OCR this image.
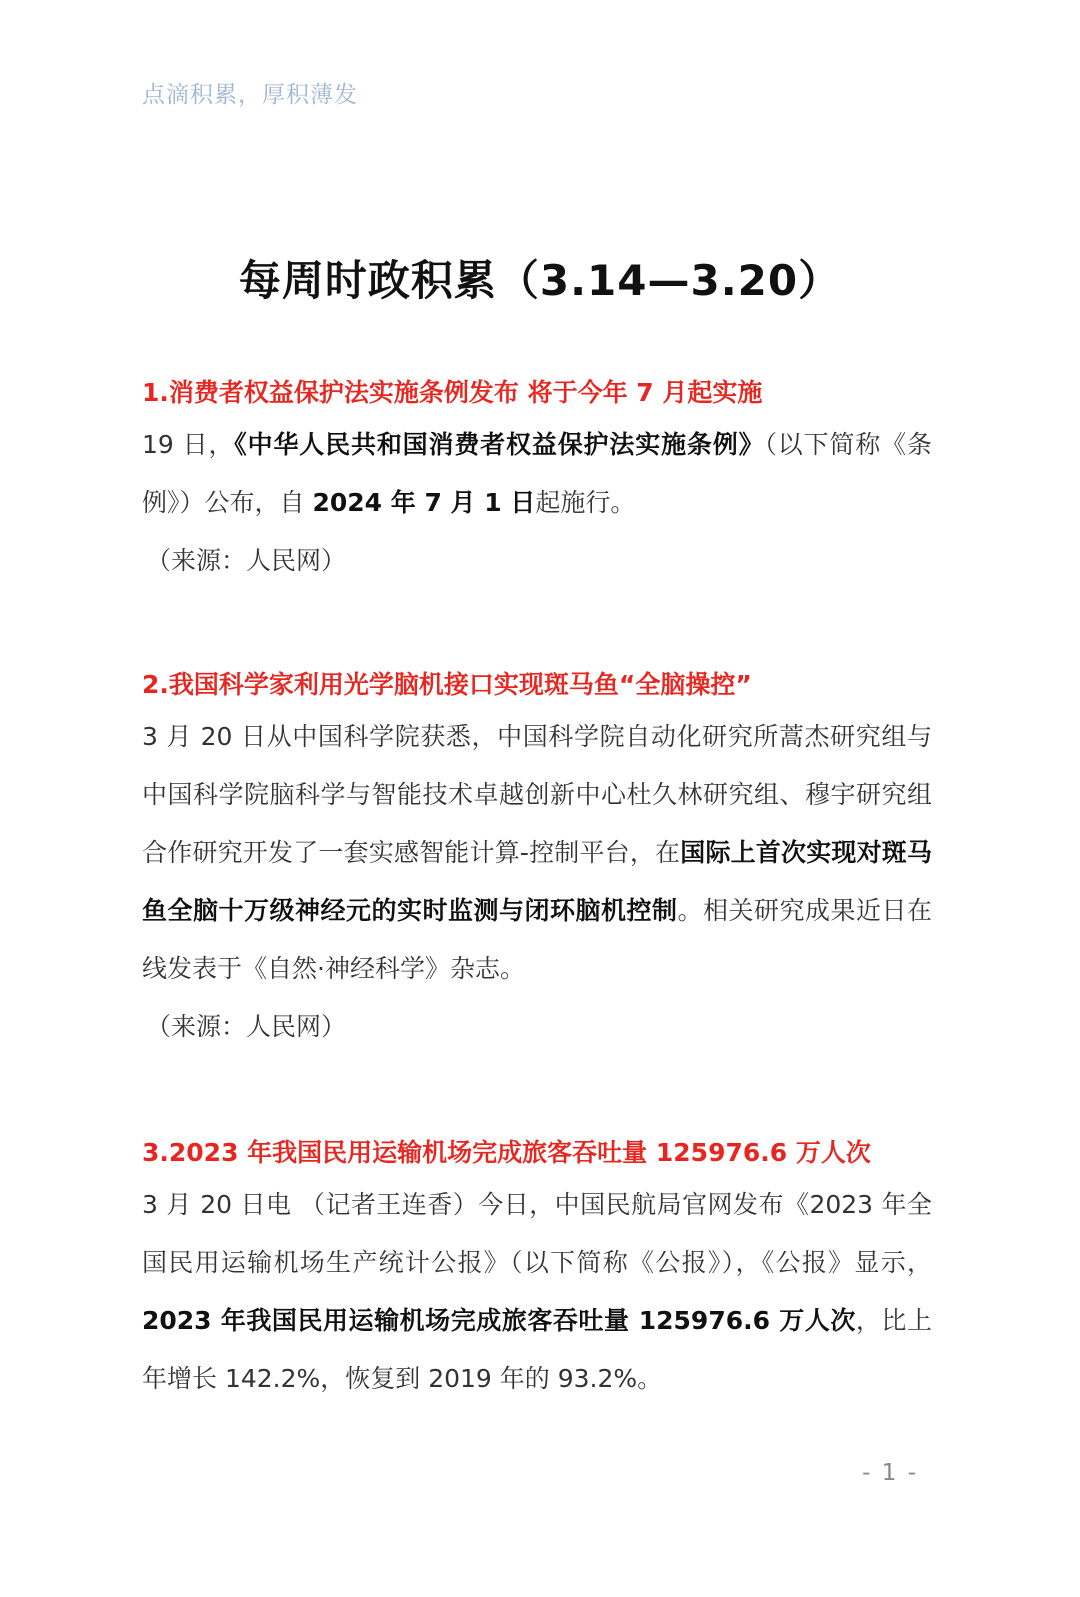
点滴积累，厚积薄发
每周时政积累（3.14—3.20）
1.消费者权益保护法实施条例发布 将于今年 7 月起实施

19 日，《中华人民共和国消费者权益保护法实施条例》（以下简称《条例》）公布，自 2024 年 7 月 1 日起施行。

（来源：人民网）
2.我国科学家利用光学脑机接口实现斑马鱼“全脑操控”

3 月 20 日从中国科学院获悉，中国科学院自动化研究所蒿杰研究组与中国科学院脑科学与智能技术卓越创新中心杜久林研究组、穆宇研究组合作研究开发了一套实感智能计算-控制平台，在国际上首次实现对斑马鱼全脑十万级神经元的实时监测与闭环脑机控制。相关研究成果近日在线发表于《自然·神经科学》杂志。

（来源：人民网）
3.2023 年我国民用运输机场完成旅客吞吐量 125976.6 万人次

3 月 20 日电 （记者王连香）今日，中国民航局官网发布《2023 年全国民用运输机场生产统计公报》（以下简称《公报》），《公报》显示，2023 年我国民用运输机场完成旅客吞吐量 125976.6 万人次，比上年增长 142.2%，恢复到 2019 年的 93.2%。

- 1 -
